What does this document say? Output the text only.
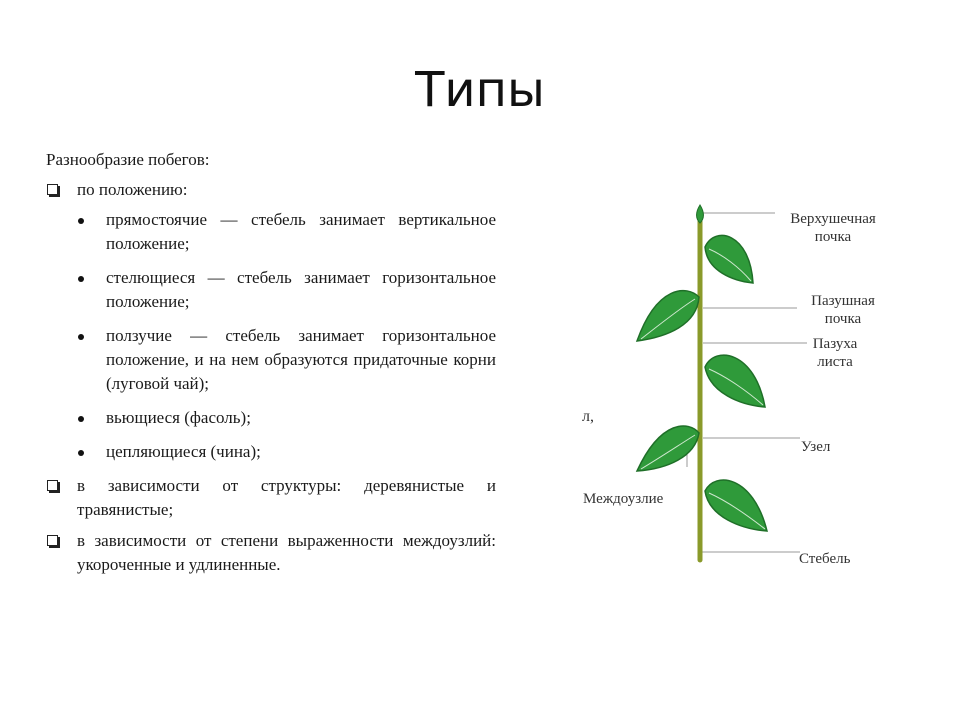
Типы
Разнообразие побегов:
по положению:
прямостоячие — стебель занимает вертикальное положение;
стелющиеся — стебель занимает горизонтальное положение;
ползучие — стебель занимает горизонтальное положение, и на нем образуются придаточные корни (луговой чай);
вьющиеся (фасоль);
цепляющиеся (чина);
в зависимости от структуры: деревянистые и травянистые;
в зависимости от степени выраженности междоузлий: укороченные и удлиненные.
л,
Верхушечная
почка
Пазушная
почка
Пазуха
листа
Узел
Междоузлие
Стебель
